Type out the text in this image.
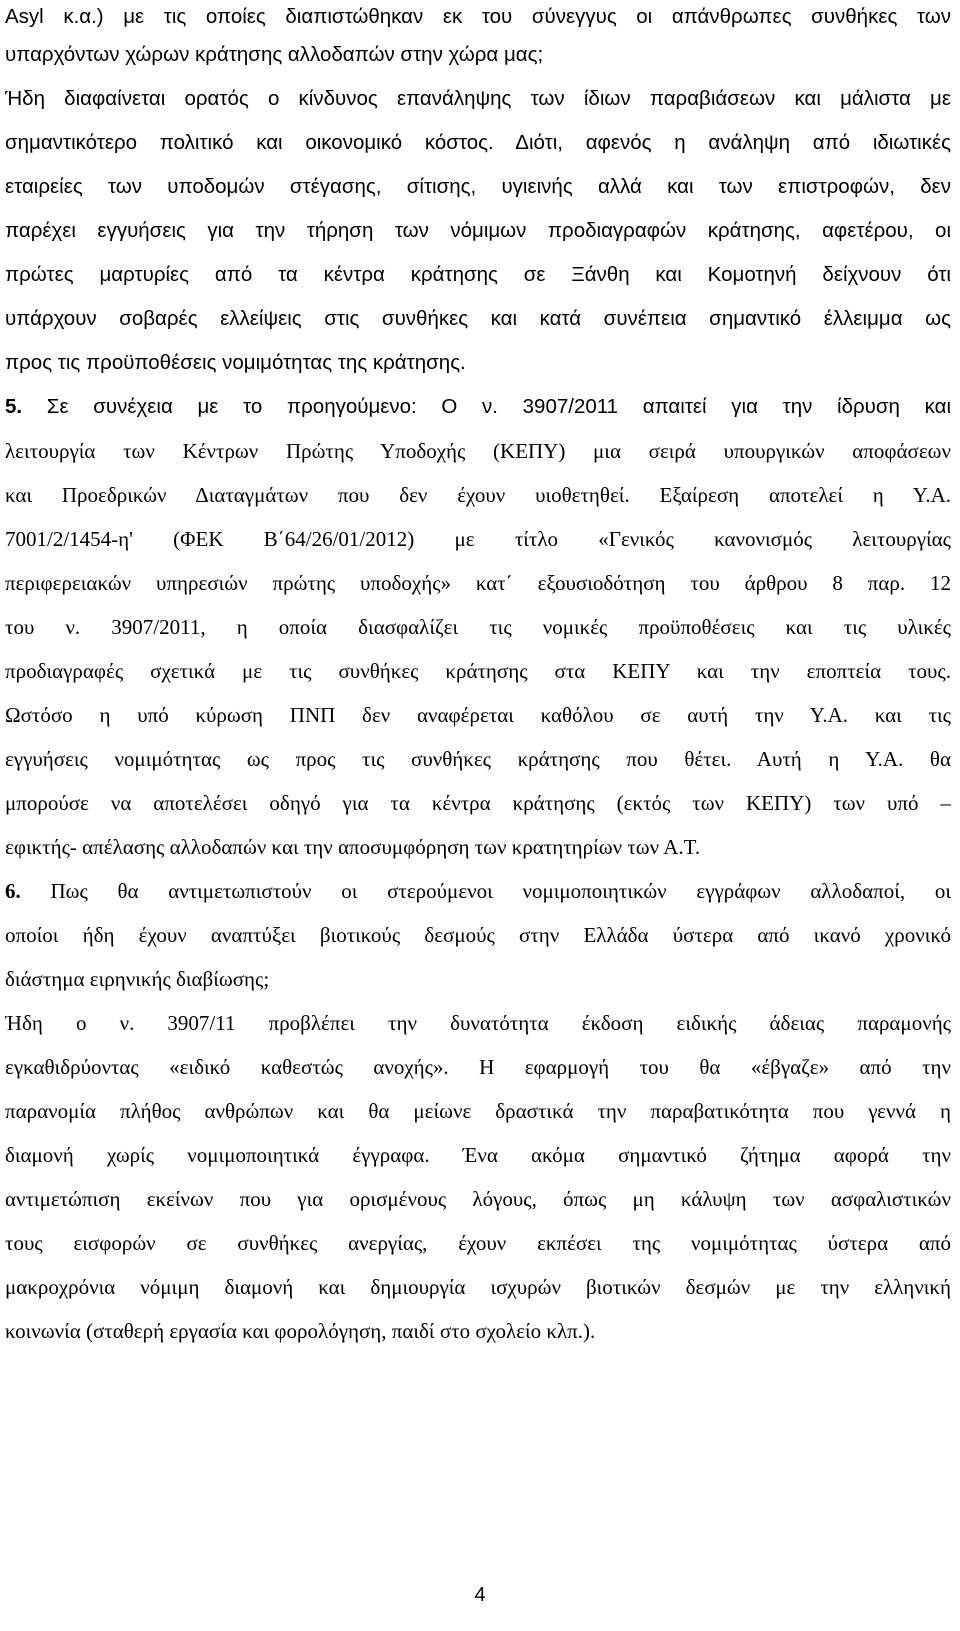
Asyl κ.α.) με τις οποίες διαπιστώθηκαν εκ του σύνεγγυς οι απάνθρωπες συνθήκες των
υπαρχόντων χώρων κράτησης αλλοδαπών στην χώρα μας;
Ήδη διαφαίνεται ορατός ο κίνδυνος επανάληψης των ίδιων παραβιάσεων και μάλιστα με
σημαντικότερο πολιτικό και οικονομικό κόστος. Διότι, αφενός η ανάληψη από ιδιωτικές
εταιρείες των υποδομών στέγασης, σίτισης, υγιεινής αλλά και των επιστροφών, δεν
παρέχει εγγυήσεις για την τήρηση των νόμιμων προδιαγραφών κράτησης, αφετέρου, οι
πρώτες μαρτυρίες από τα κέντρα κράτησης σε Ξάνθη και Κομοτηνή δείχνουν ότι
υπάρχουν σοβαρές ελλείψεις στις συνθήκες και κατά συνέπεια σημαντικό έλλειμμα ως
προς τις προϋποθέσεις νομιμότητας της κράτησης.
5. Σε συνέχεια με το προηγούμενο: Ο ν. 3907/2011 απαιτεί για την ίδρυση και
λειτουργία των Κέντρων Πρώτης Υποδοχής (ΚΕΠΥ) μια σειρά υπουργικών αποφάσεων
και Προεδρικών Διαταγμάτων που δεν έχουν υιοθετηθεί. Εξαίρεση αποτελεί η Υ.Α.
7001/2/1454-η' (ΦΕΚ Β΄64/26/01/2012) με τίτλο «Γενικός κανονισμός λειτουργίας
περιφερειακών υπηρεσιών πρώτης υποδοχής» κατ΄ εξουσιοδότηση του άρθρου 8 παρ. 12
του ν. 3907/2011, η οποία διασφαλίζει τις νομικές προϋποθέσεις και τις υλικές
προδιαγραφές σχετικά με τις συνθήκες κράτησης στα ΚΕΠΥ και την εποπτεία τους.
Ωστόσο η υπό κύρωση ΠΝΠ δεν αναφέρεται καθόλου σε αυτή την Υ.Α. και τις
εγγυήσεις νομιμότητας ως προς τις συνθήκες κράτησης που θέτει. Αυτή η Υ.Α. θα
μπορούσε να αποτελέσει οδηγό για τα κέντρα κράτησης (εκτός των ΚΕΠΥ) των υπό –
εφικτής- απέλασης αλλοδαπών και την αποσυμφόρηση των κρατητηρίων των Α.Τ.
6. Πως θα αντιμετωπιστούν οι στερούμενοι νομιμοποιητικών εγγράφων αλλοδαποί, οι
οποίοι ήδη έχουν αναπτύξει βιοτικούς δεσμούς στην Ελλάδα ύστερα από ικανό χρονικό
διάστημα ειρηνικής διαβίωσης;
Ήδη ο ν. 3907/11 προβλέπει την δυνατότητα έκδοση ειδικής άδειας παραμονής
εγκαθιδρύοντας «ειδικό καθεστώς ανοχής». Η εφαρμογή του θα «έβγαζε» από την
παρανομία πλήθος ανθρώπων και θα μείωνε δραστικά την παραβατικότητα που γεννά η
διαμονή χωρίς νομιμοποιητικά έγγραφα. Ένα ακόμα σημαντικό ζήτημα αφορά την
αντιμετώπιση εκείνων που για ορισμένους λόγους, όπως μη κάλυψη των ασφαλιστικών
τους εισφορών σε συνθήκες ανεργίας, έχουν εκπέσει της νομιμότητας ύστερα από
μακροχρόνια νόμιμη διαμονή και δημιουργία ισχυρών βιοτικών δεσμών με την ελληνική
κοινωνία (σταθερή εργασία και φορολόγηση, παιδί στο σχολείο κλπ.).
4
